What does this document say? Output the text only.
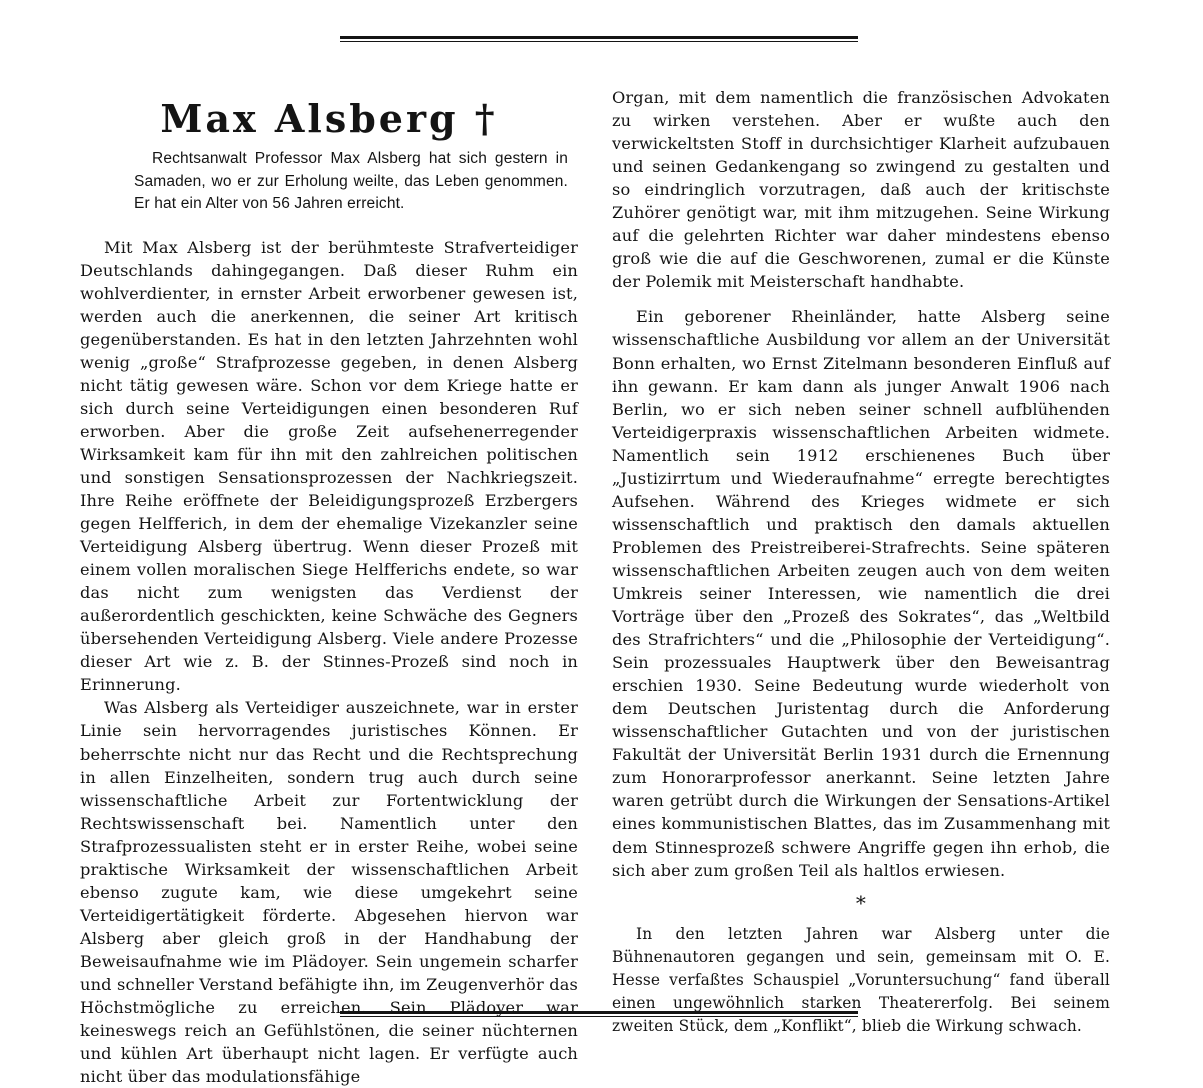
Max Alsberg †
Rechtsanwalt Professor Max Alsberg hat sich gestern in Samaden, wo er zur Erholung weilte, das Leben genommen. Er hat ein Alter von 56 Jahren erreicht.

Mit Max Alsberg ist der berühmteste Strafverteidiger Deutschlands dahingegangen. Daß dieser Ruhm ein wohlverdienter, in ernster Arbeit erworbener gewesen ist, werden auch die anerkennen, die seiner Art kritisch gegenüberstanden. Es hat in den letzten Jahrzehnten wohl wenig „große“ Strafprozesse gegeben, in denen Alsberg nicht tätig gewesen wäre. Schon vor dem Kriege hatte er sich durch seine Verteidigungen einen besonderen Ruf erworben. Aber die große Zeit aufsehenerregender Wirksamkeit kam für ihn mit den zahlreichen politischen und sonstigen Sensationsprozessen der Nachkriegszeit. Ihre Reihe eröffnete der Beleidigungsprozeß Erzbergers gegen Helfferich, in dem der ehemalige Vizekanzler seine Verteidigung Alsberg übertrug. Wenn dieser Prozeß mit einem vollen moralischen Siege Helfferichs endete, so war das nicht zum wenigsten das Verdienst der außerordentlich geschickten, keine Schwäche des Gegners übersehenden Verteidigung Alsberg. Viele andere Prozesse dieser Art wie z. B. der Stinnes-Prozeß sind noch in Erinnerung.

Was Alsberg als Verteidiger auszeichnete, war in erster Linie sein hervorragendes juristisches Können. Er beherrschte nicht nur das Recht und die Rechtsprechung in allen Einzelheiten, sondern trug auch durch seine wissenschaftliche Arbeit zur Fortentwicklung der Rechtswissenschaft bei. Namentlich unter den Strafprozessualisten steht er in erster Reihe, wobei seine praktische Wirksamkeit der wissenschaftlichen Arbeit ebenso zugute kam, wie diese umgekehrt seine Verteidigertätigkeit förderte. Abgesehen hiervon war Alsberg aber gleich groß in der Handhabung der Beweisaufnahme wie im Plädoyer. Sein ungemein scharfer und schneller Verstand befähigte ihn, im Zeugenverhör das Höchstmögliche zu erreichen. Sein Plädoyer war keineswegs reich an Gefühlstönen, die seiner nüchternen und kühlen Art überhaupt nicht lagen. Er verfügte auch nicht über das modulationsfähige

Organ, mit dem namentlich die französischen Advokaten zu wirken verstehen. Aber er wußte auch den verwickeltsten Stoff in durchsichtiger Klarheit aufzubauen und seinen Gedankengang so zwingend zu gestalten und so eindringlich vorzutragen, daß auch der kritischste Zuhörer genötigt war, mit ihm mitzugehen. Seine Wirkung auf die gelehrten Richter war daher mindestens ebenso groß wie die auf die Geschworenen, zumal er die Künste der Polemik mit Meisterschaft handhabte.

Ein geborener Rheinländer, hatte Alsberg seine wissenschaftliche Ausbildung vor allem an der Universität Bonn erhalten, wo Ernst Zitelmann besonderen Einfluß auf ihn gewann. Er kam dann als junger Anwalt 1906 nach Berlin, wo er sich neben seiner schnell aufblühenden Verteidigerpraxis wissenschaftlichen Arbeiten widmete. Namentlich sein 1912 erschienenes Buch über „Justizirrtum und Wiederaufnahme“ erregte berechtigtes Aufsehen. Während des Krieges widmete er sich wissenschaftlich und praktisch den damals aktuellen Problemen des Preistreiberei-Strafrechts. Seine späteren wissenschaftlichen Arbeiten zeugen auch von dem weiten Umkreis seiner Interessen, wie namentlich die drei Vorträge über den „Prozeß des Sokrates“, das „Weltbild des Strafrichters“ und die „Philosophie der Verteidigung“. Sein prozessuales Hauptwerk über den Beweisantrag erschien 1930. Seine Bedeutung wurde wiederholt von dem Deutschen Juristentag durch die Anforderung wissenschaftlicher Gutachten und von der juristischen Fakultät der Universität Berlin 1931 durch die Ernennung zum Honorarprofessor anerkannt. Seine letzten Jahre waren getrübt durch die Wirkungen der Sensations-Artikel eines kommunistischen Blattes, das im Zusammenhang mit dem Stinnesprozeß schwere Angriffe gegen ihn erhob, die sich aber zum großen Teil als haltlos erwiesen.

*

In den letzten Jahren war Alsberg unter die Bühnenautoren gegangen und sein, gemeinsam mit O. E. Hesse verfaßtes Schauspiel „Voruntersuchung“ fand überall einen ungewöhnlich starken Theatererfolg. Bei seinem zweiten Stück, dem „Konflikt“, blieb die Wirkung schwach.
